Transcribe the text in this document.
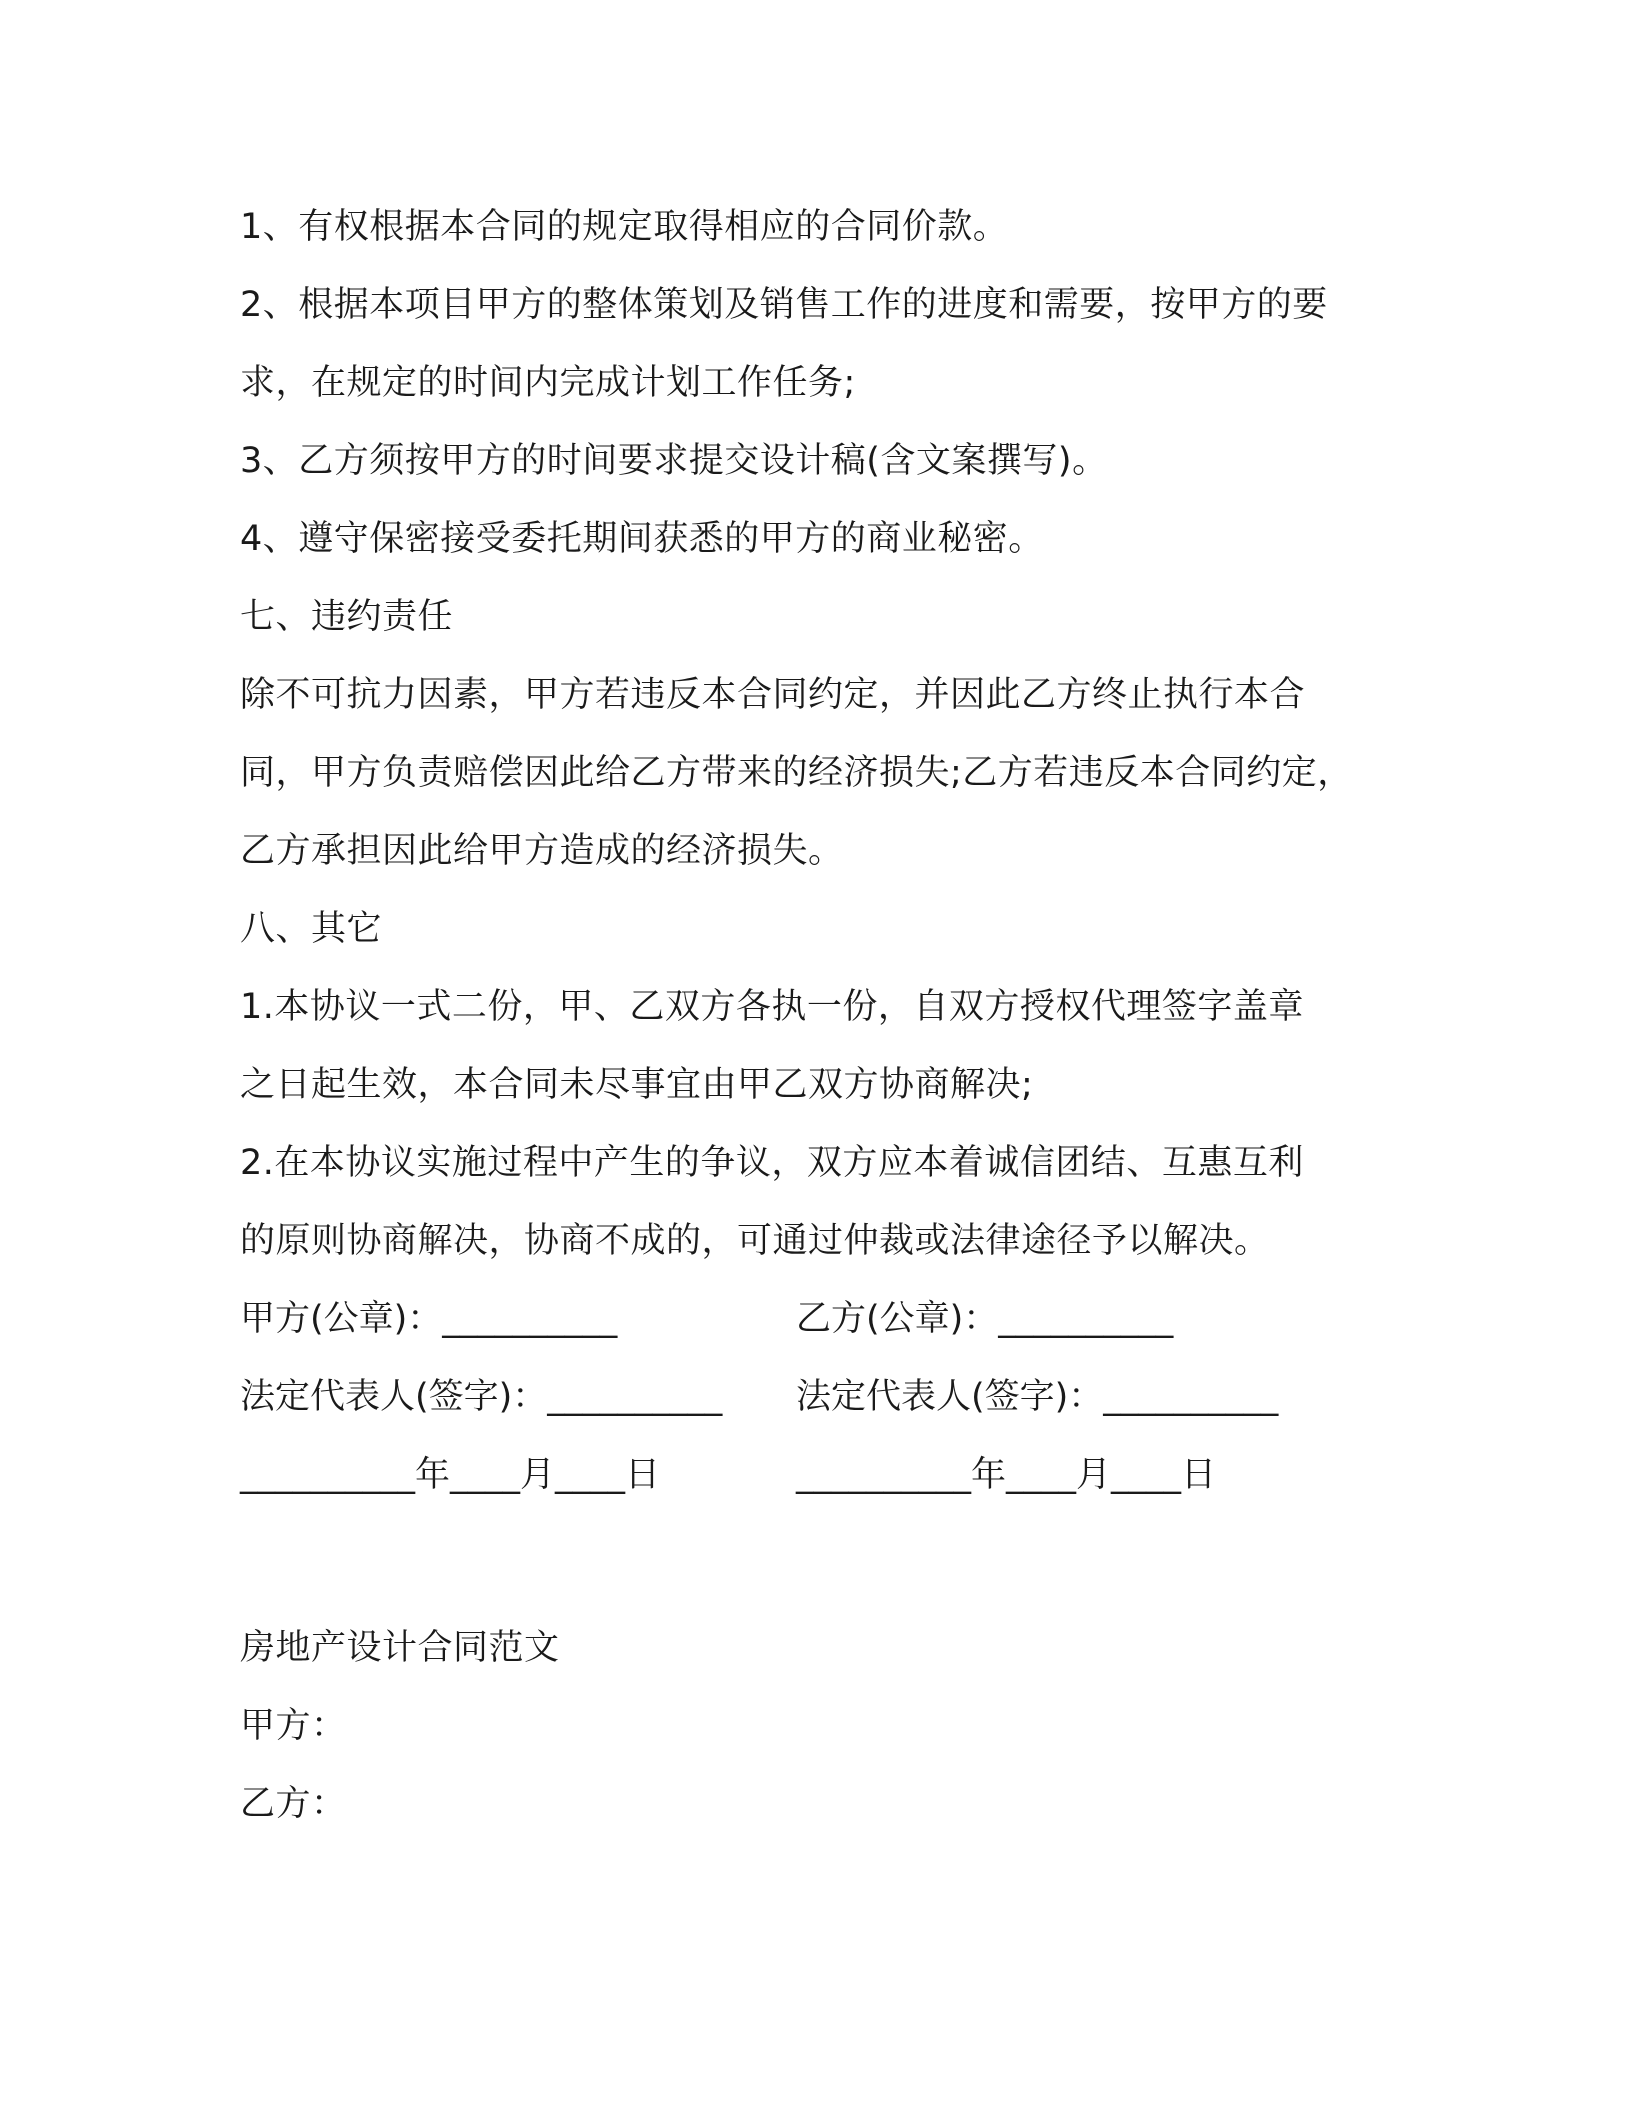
1、有权根据本合同的规定取得相应的合同价款。
2、根据本项目甲方的整体策划及销售工作的进度和需要，按甲方的要
求，在规定的时间内完成计划工作任务;
3、乙方须按甲方的时间要求提交设计稿(含文案撰写)。
4、遵守保密接受委托期间获悉的甲方的商业秘密。
七、违约责任
除不可抗力因素，甲方若违反本合同约定，并因此乙方终止执行本合
同，甲方负责赔偿因此给乙方带来的经济损失;乙方若违反本合同约定，
乙方承担因此给甲方造成的经济损失。
八、其它
1.本协议一式二份，甲、乙双方各执一份，自双方授权代理签字盖章
之日起生效，本合同未尽事宜由甲乙双方协商解决;
2.在本协议实施过程中产生的争议，双方应本着诚信团结、互惠互利
的原则协商解决，协商不成的，可通过仲裁或法律途径予以解决。
甲方(公章)：__________	乙方(公章)：__________
法定代表人(签字)：__________ 法定代表人(签字)：__________
__________年____月____日	__________年____月____日
房地产设计合同范文
甲方：
乙方：
